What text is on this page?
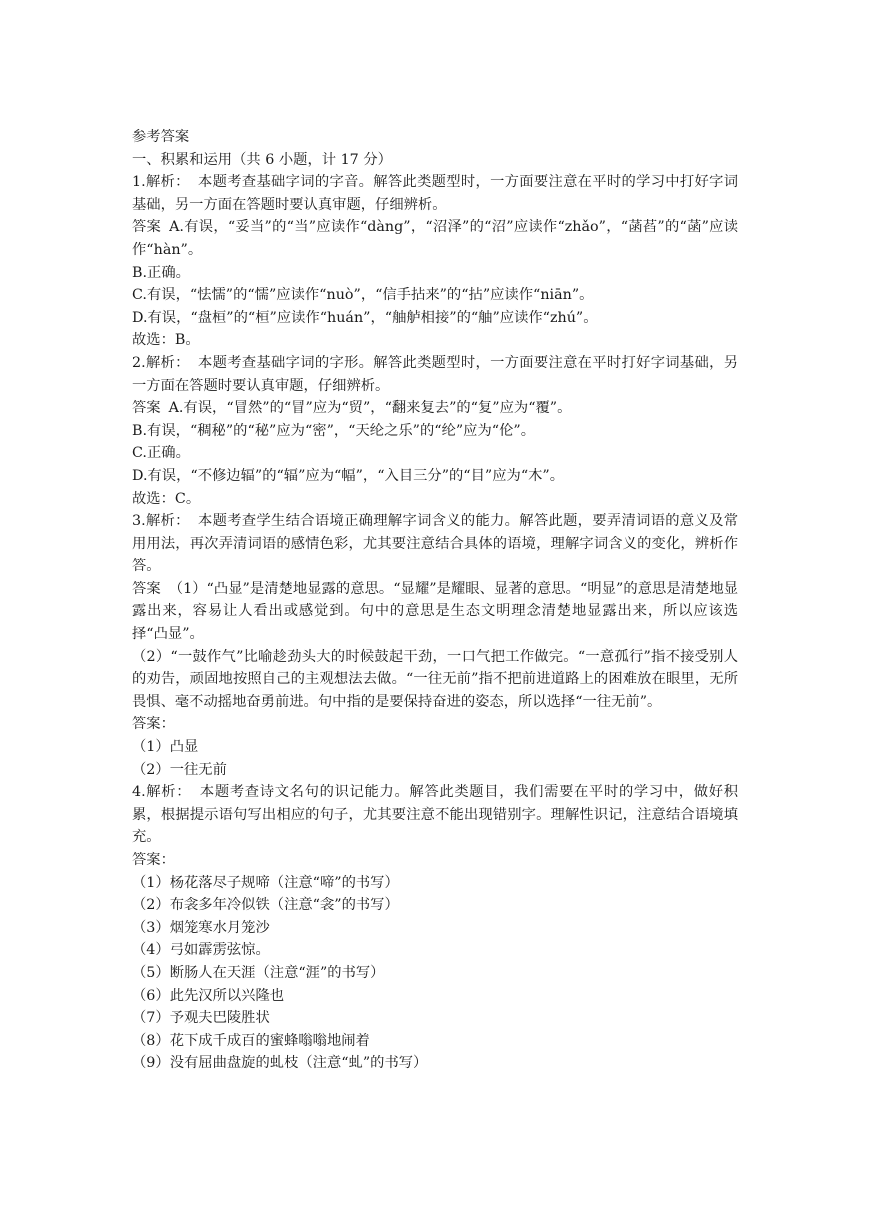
参考答案

一、积累和运用（共 6 小题，计 17 分）

1.解析： 本题考查基础字词的字音。解答此类题型时，一方面要注意在平时的学习中打好字词基础，另一方面在答题时要认真审题，仔细辨析。

答案 A.有误，“妥当”的“当”应读作“dàng”，“沼泽”的“沼”应读作“zhǎo”，“菡萏”的“菡”应读作“hàn”。

B.正确。

C.有误，“怯懦”的“懦”应读作“nuò”，“信手拈来”的“拈”应读作“niān”。

D.有误，“盘桓”的“桓”应读作“huán”，“舳舻相接”的“舳”应读作“zhú”。

故选：B。

2.解析： 本题考查基础字词的字形。解答此类题型时，一方面要注意在平时打好字词基础，另一方面在答题时要认真审题，仔细辨析。

答案 A.有误，“冒然”的“冒”应为“贸”，“翻来复去”的“复”应为“覆”。

B.有误，“稠秘”的“秘”应为“密”，“天纶之乐”的“纶”应为“伦”。

C.正确。

D.有误，“不修边辐”的“辐”应为“幅”，“入目三分”的“目”应为“木”。

故选：C。

3.解析： 本题考查学生结合语境正确理解字词含义的能力。解答此题，要弄清词语的意义及常用用法，再次弄清词语的感情色彩，尤其要注意结合具体的语境，理解字词含义的变化，辨析作答。

答案 （1）“凸显”是清楚地显露的意思。“显耀”是耀眼、显著的意思。“明显”的意思是清楚地显露出来，容易让人看出或感觉到。句中的意思是生态文明理念清楚地显露出来，所以应该选择“凸显”。

（2）“一鼓作气”比喻趁劲头大的时候鼓起干劲，一口气把工作做完。“一意孤行”指不接受别人的劝告，顽固地按照自己的主观想法去做。“一往无前”指不把前进道路上的困难放在眼里，无所畏惧、毫不动摇地奋勇前进。句中指的是要保持奋进的姿态，所以选择“一往无前”。

答案：

（1）凸显

（2）一往无前

4.解析： 本题考查诗文名句的识记能力。解答此类题目，我们需要在平时的学习中，做好积累，根据提示语句写出相应的句子，尤其要注意不能出现错别字。理解性识记，注意结合语境填充。

答案：

（1）杨花落尽子规啼（注意“啼”的书写）

（2）布衾多年冷似铁（注意“衾”的书写）

（3）烟笼寒水月笼沙

（4）弓如霹雳弦惊。

（5）断肠人在天涯（注意“涯”的书写）

（6）此先汉所以兴隆也

（7）予观夫巴陵胜状

（8）花下成千成百的蜜蜂嗡嗡地闹着

（9）没有屈曲盘旋的虬枝（注意“虬”的书写）
